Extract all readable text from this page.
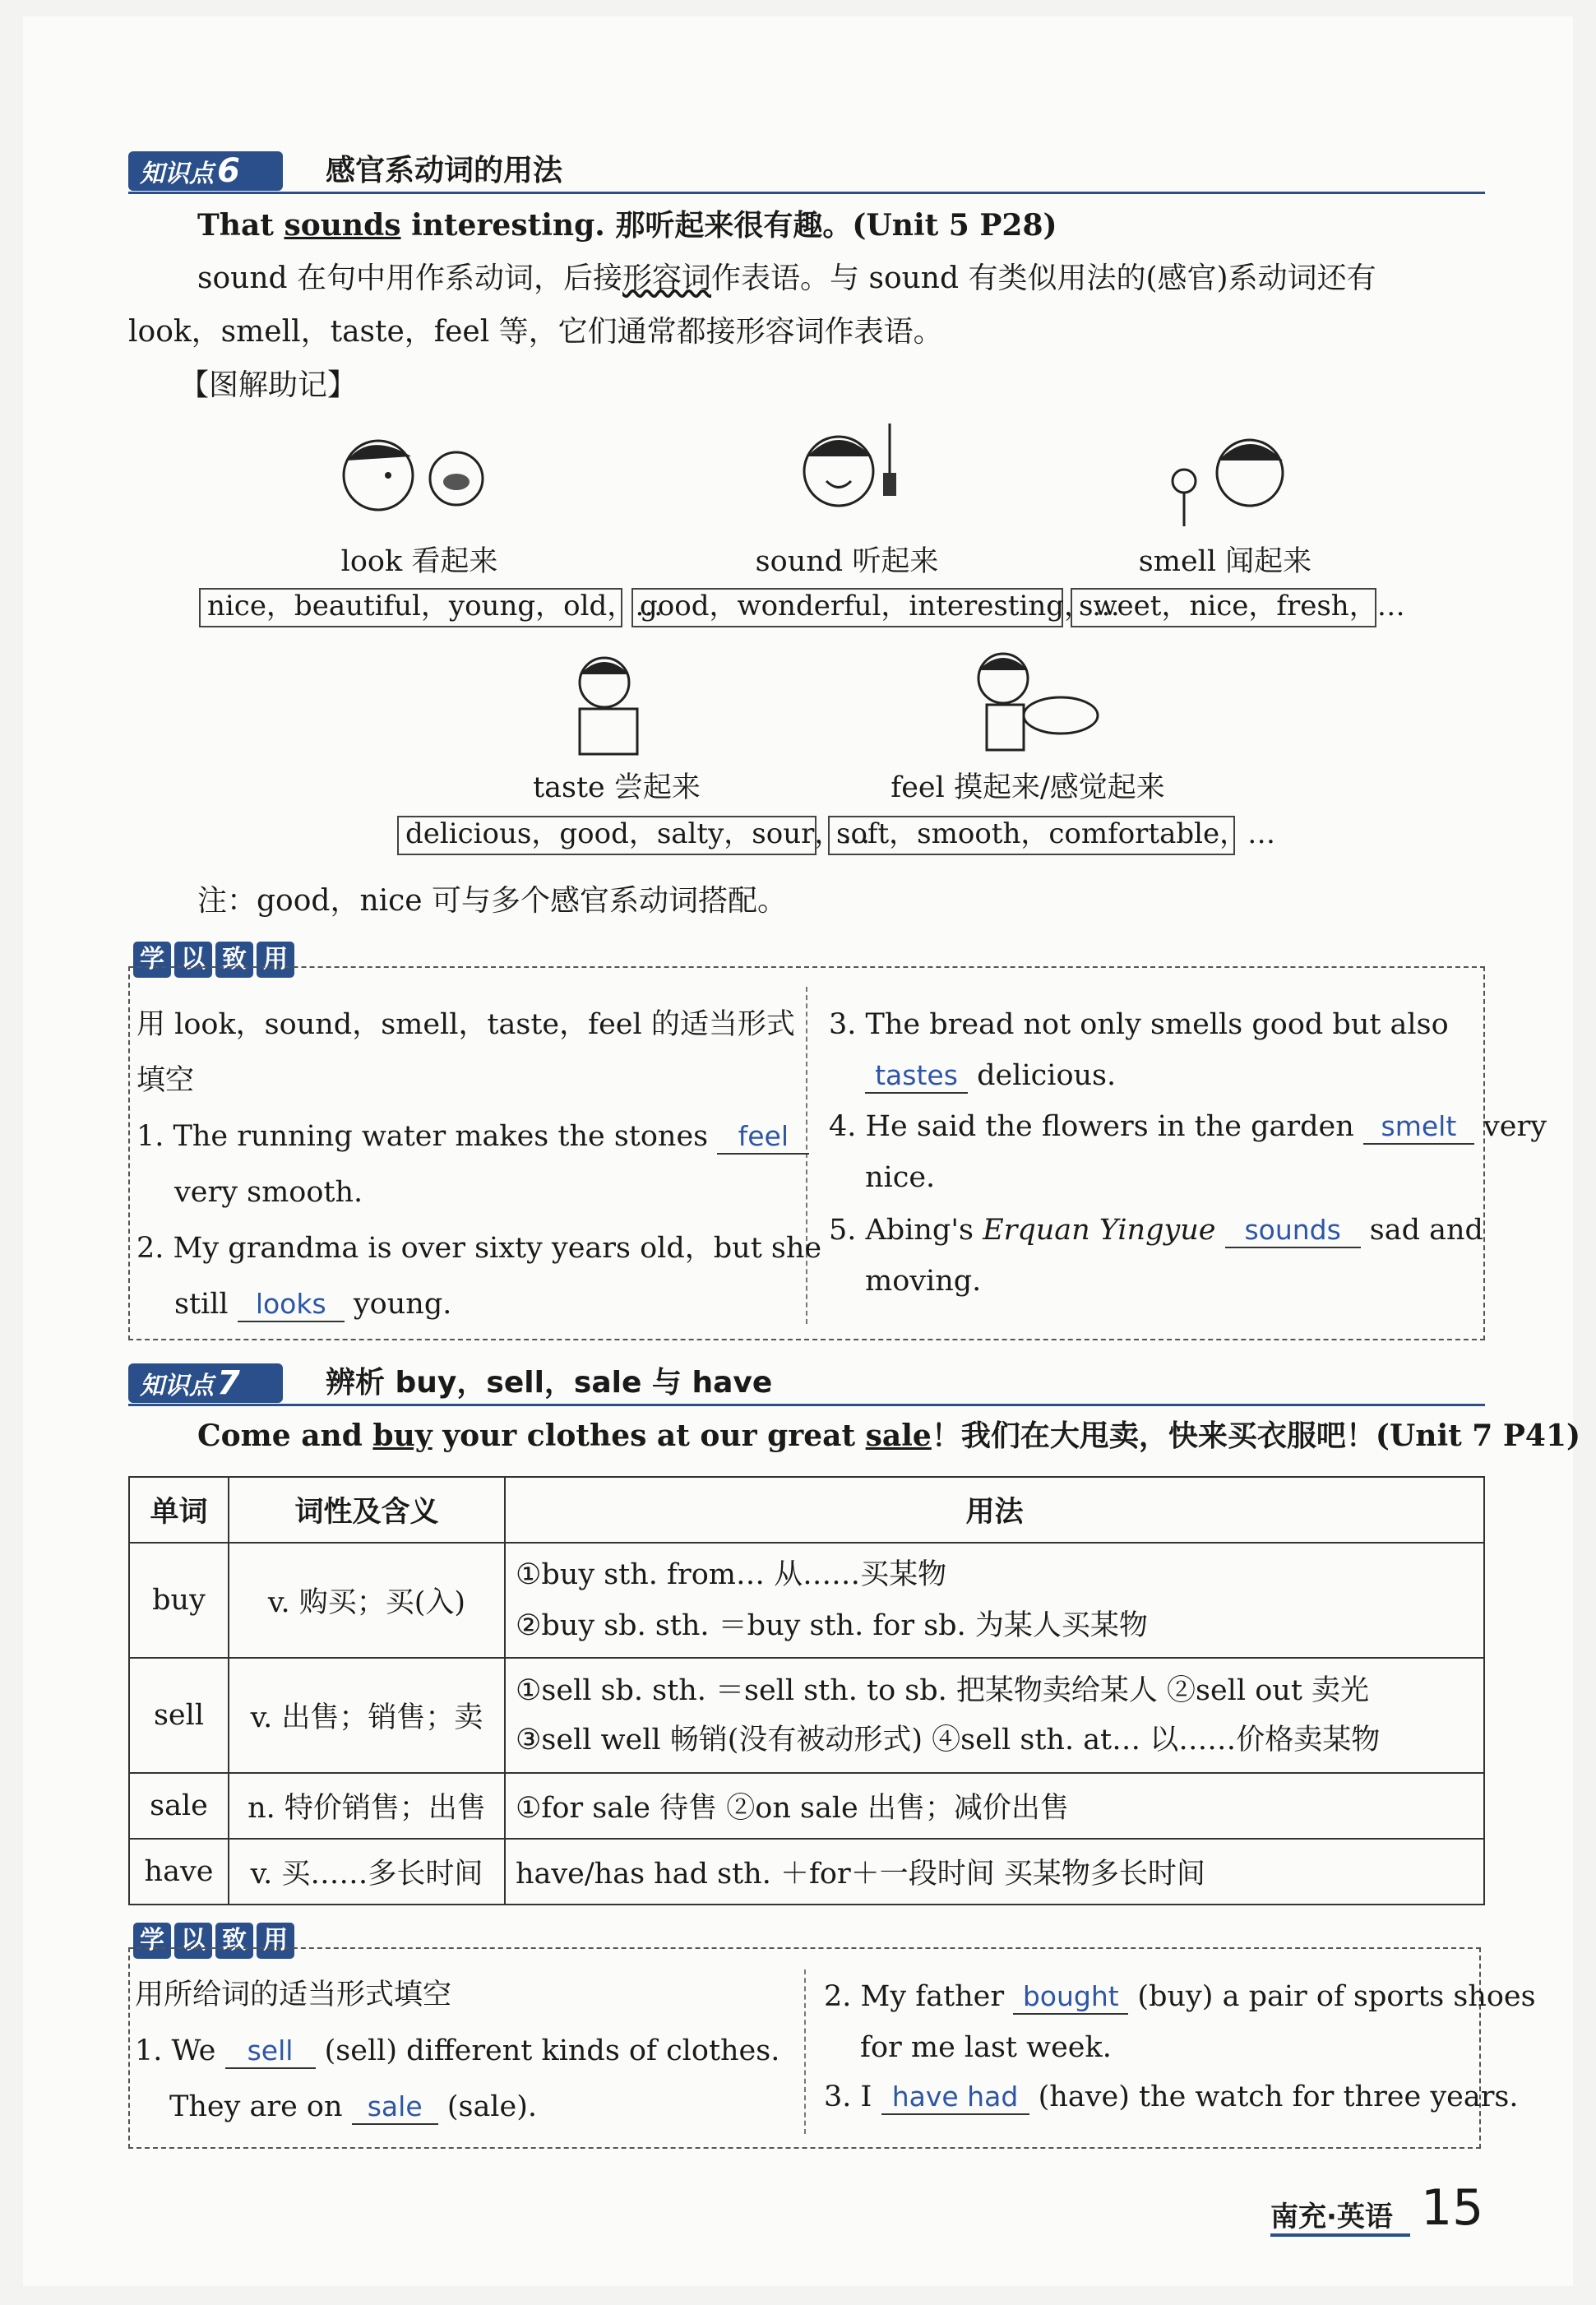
知识点 6	感官系动词的用法
That sounds interesting. 那听起来很有趣。(Unit 5 P28)
sound 在句中用作系动词，后接形容词作表语。与 sound 有类似用法的(感官)系动词还有
look，smell，taste，feel 等，它们通常都接形容词作表语。
【图解助记】
look 看起来
nice，beautiful，young，old，…
sound 听起来
good，wonderful，interesting，…
smell 闻起来
sweet，nice，fresh，…
taste 尝起来
delicious，good，salty，sour，…
feel 摸起来/感觉起来
soft，smooth，comfortable，…
注：good，nice 可与多个感官系动词搭配。
学 以 致 用
用 look，sound，smell，taste，feel 的适当形式
填空
1. The running water makes the stones feel
very smooth.
2. My grandma is over sixty years old，but she
still looks young.
3. The bread not only smells good but also
tastes delicious.
4. He said the flowers in the garden smelt very
nice.
5. Abing's Erquan Yingyue sounds sad and
moving.
知识点 7	辨析 buy，sell，sale 与 have
Come and buy your clothes at our great sale！我们在大甩卖，快来买衣服吧！(Unit 7 P41)
单词	词性及含义	用法
buy	v. 购买；买(入)	①buy sth. from… 从……买某物
②buy sb. sth. ＝buy sth. for sb. 为某人买某物

sell	v. 出售；销售；卖	①sell sb. sth. ＝sell sth. to sb. 把某物卖给某人 ②sell out 卖光
③sell well 畅销(没有被动形式) ④sell sth. at… 以……价格卖某物

sale	n. 特价销售；出售	①for sale 待售 ②on sale 出售；减价出售
have	v. 买……多长时间	have/has had sth. ＋for＋一段时间 买某物多长时间
学 以 致 用
用所给词的适当形式填空
1. We sell (sell) different kinds of clothes.
They are on sale (sale).
2. My father bought (buy) a pair of sports shoes
for me last week.
3. I have had (have) the watch for three years.
南充·英语 15
